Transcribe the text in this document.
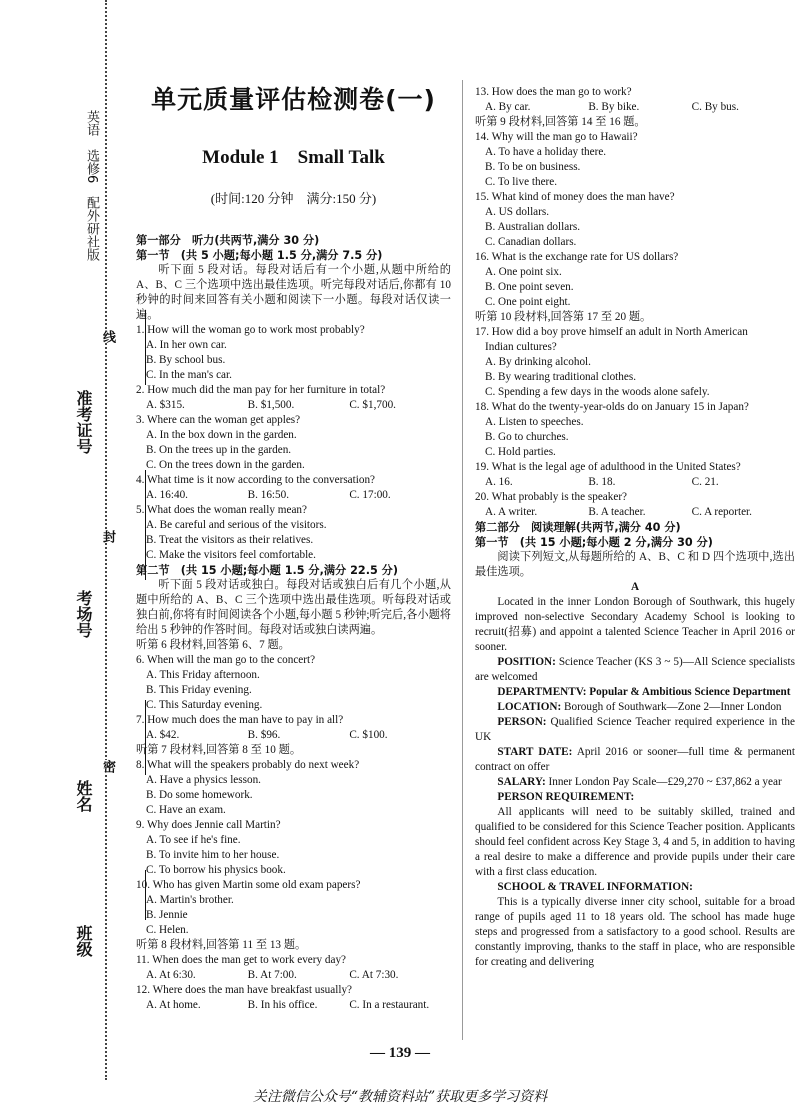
英语　选修6　配外研社版
班级
姓名
考场号
准考证号
线
封
密
单元质量评估检测卷(一)
Module 1　Small Talk
(时间:120 分钟　满分:150 分)
第一部分　听力(共两节,满分 30 分)
第一节　(共 5 小题;每小题 1.5 分,满分 7.5 分)
听下面 5 段对话。每段对话后有一个小题,从题中所给的 A、B、C 三个选项中选出最佳选项。听完每段对话后,你都有 10 秒钟的时间来回答有关小题和阅读下一小题。每段对话仅读一遍。
1. How will the woman go to work most probably?
A. In her own car.
B. By school bus.
C. In the man's car.
2. How much did the man pay for her furniture in total?
A. $315.	B. $1,500.	C. $1,700.
3. Where can the woman get apples?
A. In the box down in the garden.
B. On the trees up in the garden.
C. On the trees down in the garden.
4. What time is it now according to the conversation?
A. 16:40.	B. 16:50.	C. 17:00.
5. What does the woman really mean?
A. Be careful and serious of the visitors.
B. Treat the visitors as their relatives.
C. Make the visitors feel comfortable.
第二节　(共 15 小题;每小题 1.5 分,满分 22.5 分)
听下面 5 段对话或独白。每段对话或独白后有几个小题,从题中所给的 A、B、C 三个选项中选出最佳选项。听每段对话或独白前,你将有时间阅读各个小题,每小题 5 秒钟;听完后,各小题将给出 5 秒钟的作答时间。每段对话或独白读两遍。
听第 6 段材料,回答第 6、7 题。
6. When will the man go to the concert?
A. This Friday afternoon.
B. This Friday evening.
C. This Saturday evening.
7. How much does the man have to pay in all?
A. $42.	B. $96.	C. $100.
听第 7 段材料,回答第 8 至 10 题。
8. What will the speakers probably do next week?
A. Have a physics lesson.
B. Do some homework.
C. Have an exam.
9. Why does Jennie call Martin?
A. To see if he's fine.
B. To invite him to her house.
C. To borrow his physics book.
10. Who has given Martin some old exam papers?
A. Martin's brother.
B. Jennie
C. Helen.
听第 8 段材料,回答第 11 至 13 题。
11. When does the man get to work every day?
A. At 6:30.	B. At 7:00.	C. At 7:30.
12. Where does the man have breakfast usually?
A. At home.	B. In his office.	C. In a restaurant.
13. How does the man go to work?
A. By car.	B. By bike.	C. By bus.
听第 9 段材料,回答第 14 至 16 题。
14. Why will the man go to Hawaii?
A. To have a holiday there.
B. To be on business.
C. To live there.
15. What kind of money does the man have?
A. US dollars.
B. Australian dollars.
C. Canadian dollars.
16. What is the exchange rate for US dollars?
A. One point six.
B. One point seven.
C. One point eight.
听第 10 段材料,回答第 17 至 20 题。
17. How did a boy prove himself an adult in North American
Indian cultures?
A. By drinking alcohol.
B. By wearing traditional clothes.
C. Spending a few days in the woods alone safely.
18. What do the twenty-year-olds do on January 15 in Japan?
A. Listen to speeches.
B. Go to churches.
C. Hold parties.
19. What is the legal age of adulthood in the United States?
A. 16.	B. 18.	C. 21.
20. What probably is the speaker?
A. A writer.	B. A teacher.	C. A reporter.
第二部分　阅读理解(共两节,满分 40 分)
第一节　(共 15 小题;每小题 2 分,满分 30 分)
阅读下列短文,从每题所给的 A、B、C 和 D 四个选项中,选出最佳选项。
A
Located in the inner London Borough of Southwark, this hugely improved non-selective Secondary Academy School is looking to recruit(招募) and appoint a talented Science Teacher in April 2016 or sooner.
POSITION: Science Teacher (KS 3 ~ 5)—All Science specialists are welcomed
DEPARTMENTV: Popular & Ambitious Science Department
LOCATION: Borough of Southwark—Zone 2—Inner London
PERSON: Qualified Science Teacher required experience in the UK
START DATE: April 2016 or sooner—full time & permanent contract on offer
SALARY: Inner London Pay Scale—£29,270 ~ £37,862 a year
PERSON REQUIREMENT:
All applicants will need to be suitably skilled, trained and qualified to be considered for this Science Teacher position. Applicants should feel confident across Key Stage 3, 4 and 5, in addition to having a real desire to make a difference and provide pupils under their care with a first class education.
SCHOOL & TRAVEL INFORMATION:
This is a typically diverse inner city school, suitable for a broad range of pupils aged 11 to 18 years old. The school has made huge steps and progressed from a satisfactory to a good school. Results are constantly improving, thanks to the staff in place, who are responsible for creating and delivering
— 139 —
关注微信公众号“教辅资料站”获取更多学习资料
